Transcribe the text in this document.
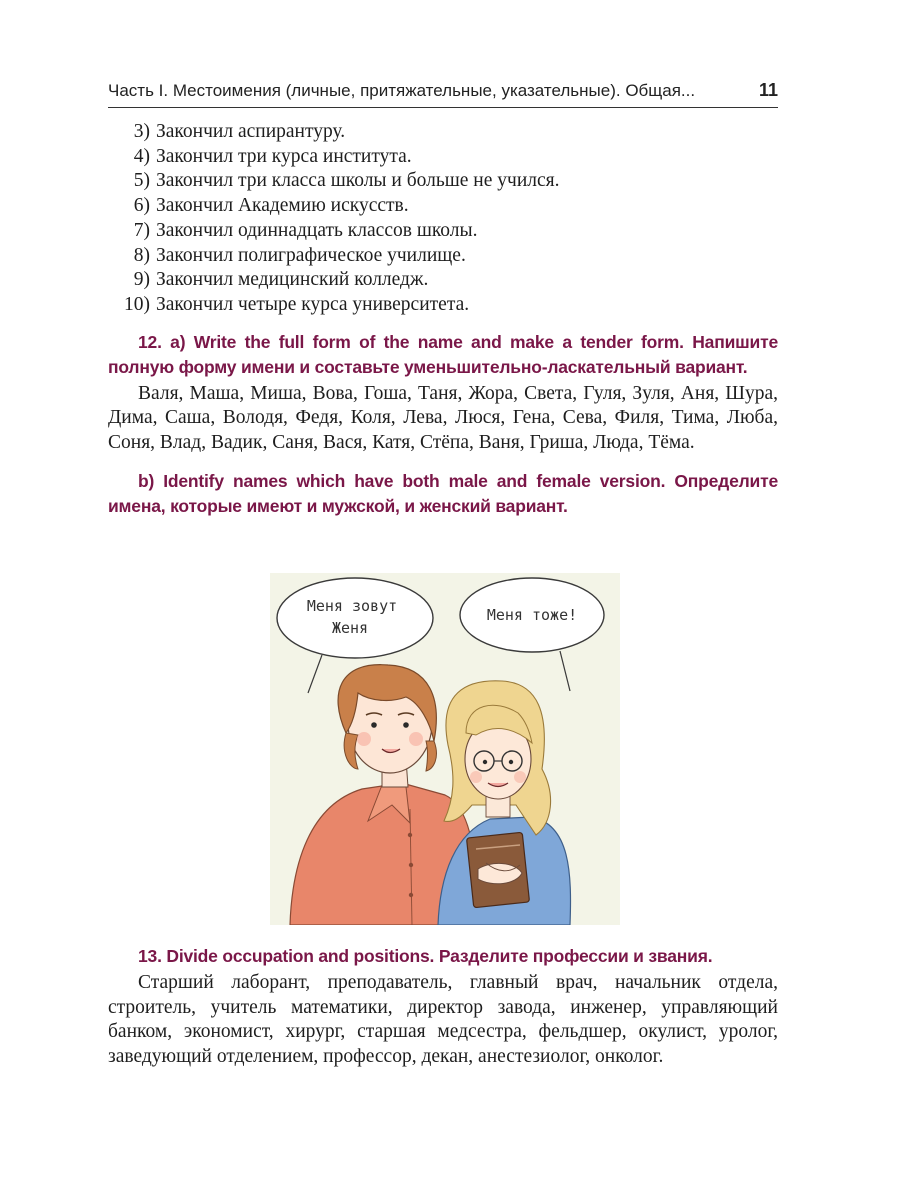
Часть I. Местоимения (личные, притяжательные, указательные). Общая...	11
3) Закончил аспирантуру.
4) Закончил три курса института.
5) Закончил три класса школы и больше не учился.
6) Закончил Академию искусств.
7) Закончил одиннадцать классов школы.
8) Закончил полиграфическое училище.
9) Закончил медицинский колледж.
10) Закончил четыре курса университета.

12. a) Write the full form of the name and make a tender form. Напишите полную форму имени и составьте уменьшительно-ласкательный вариант.

Валя, Маша, Миша, Вова, Гоша, Таня, Жора, Света, Гуля, Зуля, Аня, Шура, Дима, Саша, Володя, Федя, Коля, Лева, Люся, Гена, Сева, Филя, Тима, Люба, Соня, Влад, Вадик, Саня, Вася, Катя, Стёпа, Ваня, Гриша, Люда, Тёма.

b) Identify names which have both male and female version. Определите имена, которые имеют и мужской, и женский вариант.

Меня зовут
Женя
Меня тоже!

13. Divide occupation and positions. Разделите профессии и звания.

Старший лаборант, преподаватель, главный врач, начальник отдела, строитель, учитель математики, директор завода, инженер, управляющий банком, экономист, хирург, старшая медсестра, фельдшер, окулист, уролог, заведующий отделением, профессор, декан, анестезиолог, онколог.
